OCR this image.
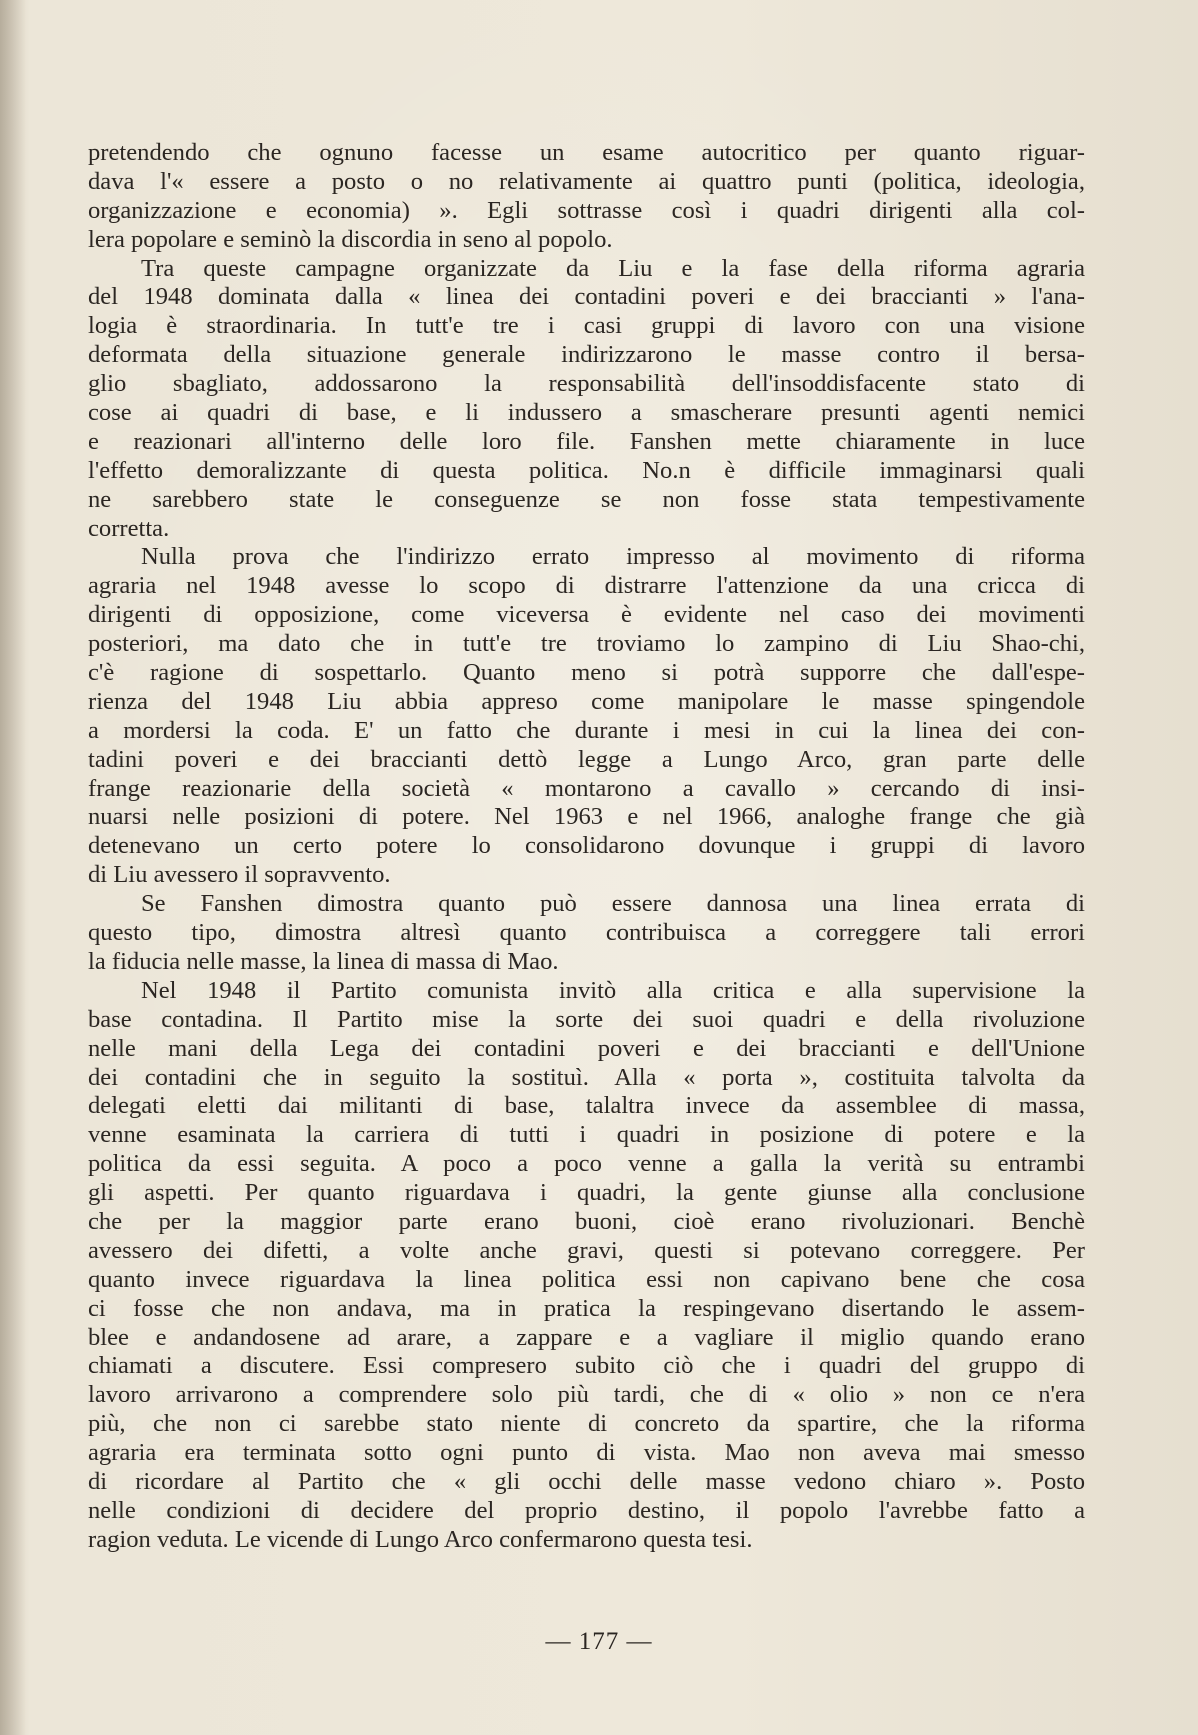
pretendendo che ognuno facesse un esame autocritico per quanto riguar-
dava l'« essere a posto o no relativamente ai quattro punti (politica, ideologia,
organizzazione e economia) ». Egli sottrasse così i quadri dirigenti alla col-
lera popolare e seminò la discordia in seno al popolo.
Tra queste campagne organizzate da Liu e la fase della riforma agraria
del 1948 dominata dalla « linea dei contadini poveri e dei braccianti » l'ana-
logia è straordinaria. In tutt'e tre i casi gruppi di lavoro con una visione
deformata della situazione generale indirizzarono le masse contro il bersa-
glio sbagliato, addossarono la responsabilità dell'insoddisfacente stato di
cose ai quadri di base, e li indussero a smascherare presunti agenti nemici
e reazionari all'interno delle loro file. Fanshen mette chiaramente in luce
l'effetto demoralizzante di questa politica. No.n è difficile immaginarsi quali
ne sarebbero state le conseguenze se non fosse stata tempestivamente
corretta.
Nulla prova che l'indirizzo errato impresso al movimento di riforma
agraria nel 1948 avesse lo scopo di distrarre l'attenzione da una cricca di
dirigenti di opposizione, come viceversa è evidente nel caso dei movimenti
posteriori, ma dato che in tutt'e tre troviamo lo zampino di Liu Shao-chi,
c'è ragione di sospettarlo. Quanto meno si potrà supporre che dall'espe-
rienza del 1948 Liu abbia appreso come manipolare le masse spingendole
a mordersi la coda. E' un fatto che durante i mesi in cui la linea dei con-
tadini poveri e dei braccianti dettò legge a Lungo Arco, gran parte delle
frange reazionarie della società « montarono a cavallo » cercando di insi-
nuarsi nelle posizioni di potere. Nel 1963 e nel 1966, analoghe frange che già
detenevano un certo potere lo consolidarono dovunque i gruppi di lavoro
di Liu avessero il sopravvento.
Se Fanshen dimostra quanto può essere dannosa una linea errata di
questo tipo, dimostra altresì quanto contribuisca a correggere tali errori
la fiducia nelle masse, la linea di massa di Mao.
Nel 1948 il Partito comunista invitò alla critica e alla supervisione la
base contadina. Il Partito mise la sorte dei suoi quadri e della rivoluzione
nelle mani della Lega dei contadini poveri e dei braccianti e dell'Unione
dei contadini che in seguito la sostituì. Alla « porta », costituita talvolta da
delegati eletti dai militanti di base, talaltra invece da assemblee di massa,
venne esaminata la carriera di tutti i quadri in posizione di potere e la
politica da essi seguita. A poco a poco venne a galla la verità su entrambi
gli aspetti. Per quanto riguardava i quadri, la gente giunse alla conclusione
che per la maggior parte erano buoni, cioè erano rivoluzionari. Benchè
avessero dei difetti, a volte anche gravi, questi si potevano correggere. Per
quanto invece riguardava la linea politica essi non capivano bene che cosa
ci fosse che non andava, ma in pratica la respingevano disertando le assem-
blee e andandosene ad arare, a zappare e a vagliare il miglio quando erano
chiamati a discutere. Essi compresero subito ciò che i quadri del gruppo di
lavoro arrivarono a comprendere solo più tardi, che di « olio » non ce n'era
più, che non ci sarebbe stato niente di concreto da spartire, che la riforma
agraria era terminata sotto ogni punto di vista. Mao non aveva mai smesso
di ricordare al Partito che « gli occhi delle masse vedono chiaro ». Posto
nelle condizioni di decidere del proprio destino, il popolo l'avrebbe fatto a
ragion veduta. Le vicende di Lungo Arco confermarono questa tesi.
— 177 —
